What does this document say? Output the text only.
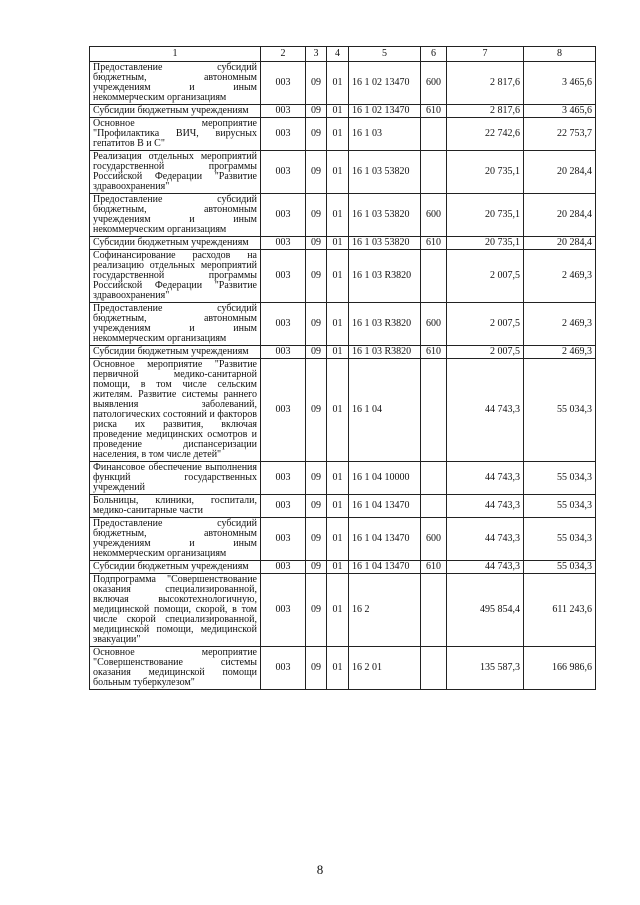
1	2	3	4	5	6	7	8
Предоставление субсидий бюджетным, автономным учреждениям и иным некоммерческим организациям	003	09	01	16 1 02 13470	600	2 817,6	3 465,6
Субсидии бюджетным учреждениям	003	09	01	16 1 02 13470	610	2 817,6	3 465,6
Основное мероприятие "Профилактика ВИЧ, вирусных гепатитов В и С"	003	09	01	16 1 03		22 742,6	22 753,7
Реализация отдельных мероприятий государственной программы Российской Федерации "Развитие здравоохранения"	003	09	01	16 1 03 53820		20 735,1	20 284,4
Предоставление субсидий бюджетным, автономным учреждениям и иным некоммерческим организациям	003	09	01	16 1 03 53820	600	20 735,1	20 284,4
Субсидии бюджетным учреждениям	003	09	01	16 1 03 53820	610	20 735,1	20 284,4
Софинансирование расходов на реализацию отдельных мероприятий государственной программы Российской Федерации "Развитие здравоохранения"	003	09	01	16 1 03 R3820		2 007,5	2 469,3
Предоставление субсидий бюджетным, автономным учреждениям и иным некоммерческим организациям	003	09	01	16 1 03 R3820	600	2 007,5	2 469,3
Субсидии бюджетным учреждениям	003	09	01	16 1 03 R3820	610	2 007,5	2 469,3
Основное мероприятие "Развитие первичной медико-санитарной помощи, в том числе сельским жителям. Развитие системы раннего выявления заболеваний, патологических состояний и факторов риска их развития, включая проведение медицинских осмотров и проведение диспансеризации населения, в том числе детей"	003	09	01	16 1 04		44 743,3	55 034,3
Финансовое обеспечение выполнения функций государственных учреждений	003	09	01	16 1 04 10000		44 743,3	55 034,3
Больницы, клиники, госпитали, медико-санитарные части	003	09	01	16 1 04 13470		44 743,3	55 034,3
Предоставление субсидий бюджетным, автономным учреждениям и иным некоммерческим организациям	003	09	01	16 1 04 13470	600	44 743,3	55 034,3
Субсидии бюджетным учреждениям	003	09	01	16 1 04 13470	610	44 743,3	55 034,3
Подпрограмма "Совершенствование оказания специализированной, включая высокотехнологичную, медицинской помощи, скорой, в том числе скорой специализированной, медицинской помощи, медицинской эвакуации"	003	09	01	16 2		495 854,4	611 243,6
Основное мероприятие "Совершенствование системы оказания медицинской помощи больным туберкулезом"	003	09	01	16 2 01		135 587,3	166 986,6
8
